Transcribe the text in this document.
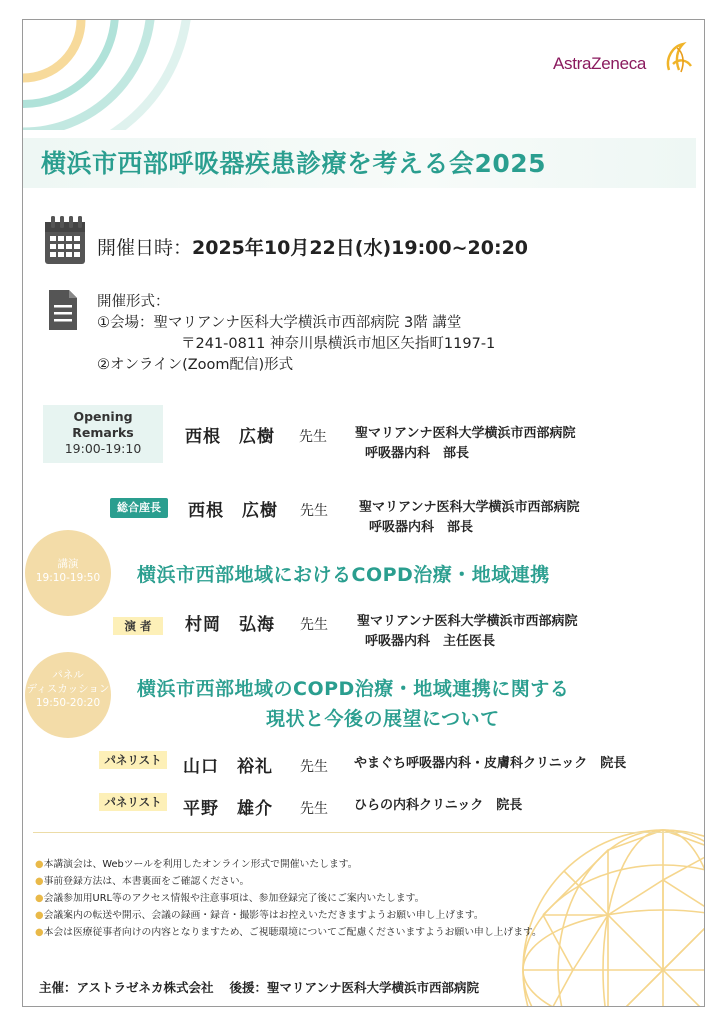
AstraZeneca
横浜市西部呼吸器疾患診療を考える会2025
開催日時：2025年10月22日(水)19:00~20:20
開催形式：
①会場：聖マリアンナ医科大学横浜市西部病院 3階 講堂
〒241-0811 神奈川県横浜市旭区矢指町1197-1
②オンライン(Zoom配信)形式
Opening
Remarks
19:00-19:10
西根　広樹 先生 聖マリアンナ医科大学横浜市西部病院
呼吸器内科　部長
総合座長	西根　広樹 先生 聖マリアンナ医科大学横浜市西部病院
呼吸器内科　部長
講演
19:10-19:50	横浜市西部地域におけるCOPD治療・地域連携
演 者	村岡　弘海 先生 聖マリアンナ医科大学横浜市西部病院
呼吸器内科　主任医長
パネル
ディスカッション
19:50-20:20
横浜市西部地域のCOPD治療・地域連携に関する
現状と今後の展望について
パネリスト	山口　裕礼 先生 やまぐち呼吸器内科・皮膚科クリニック　院長
パネリスト	平野　雄介 先生 ひらの内科クリニック　院長
●本講演会は、Webツールを利用したオンライン形式で開催いたします。
●事前登録方法は、本書裏面をご確認ください。
●会議参加用URL等のアクセス情報や注意事項は、参加登録完了後にご案内いたします。
●会議案内の転送や開示、会議の録画・録音・撮影等はお控えいただきますようお願い申し上げます。
●本会は医療従事者向けの内容となりますため、ご視聴環境についてご配慮くださいますようお願い申し上げます。
主催：アストラゼネカ株式会社 後援：聖マリアンナ医科大学横浜市西部病院
